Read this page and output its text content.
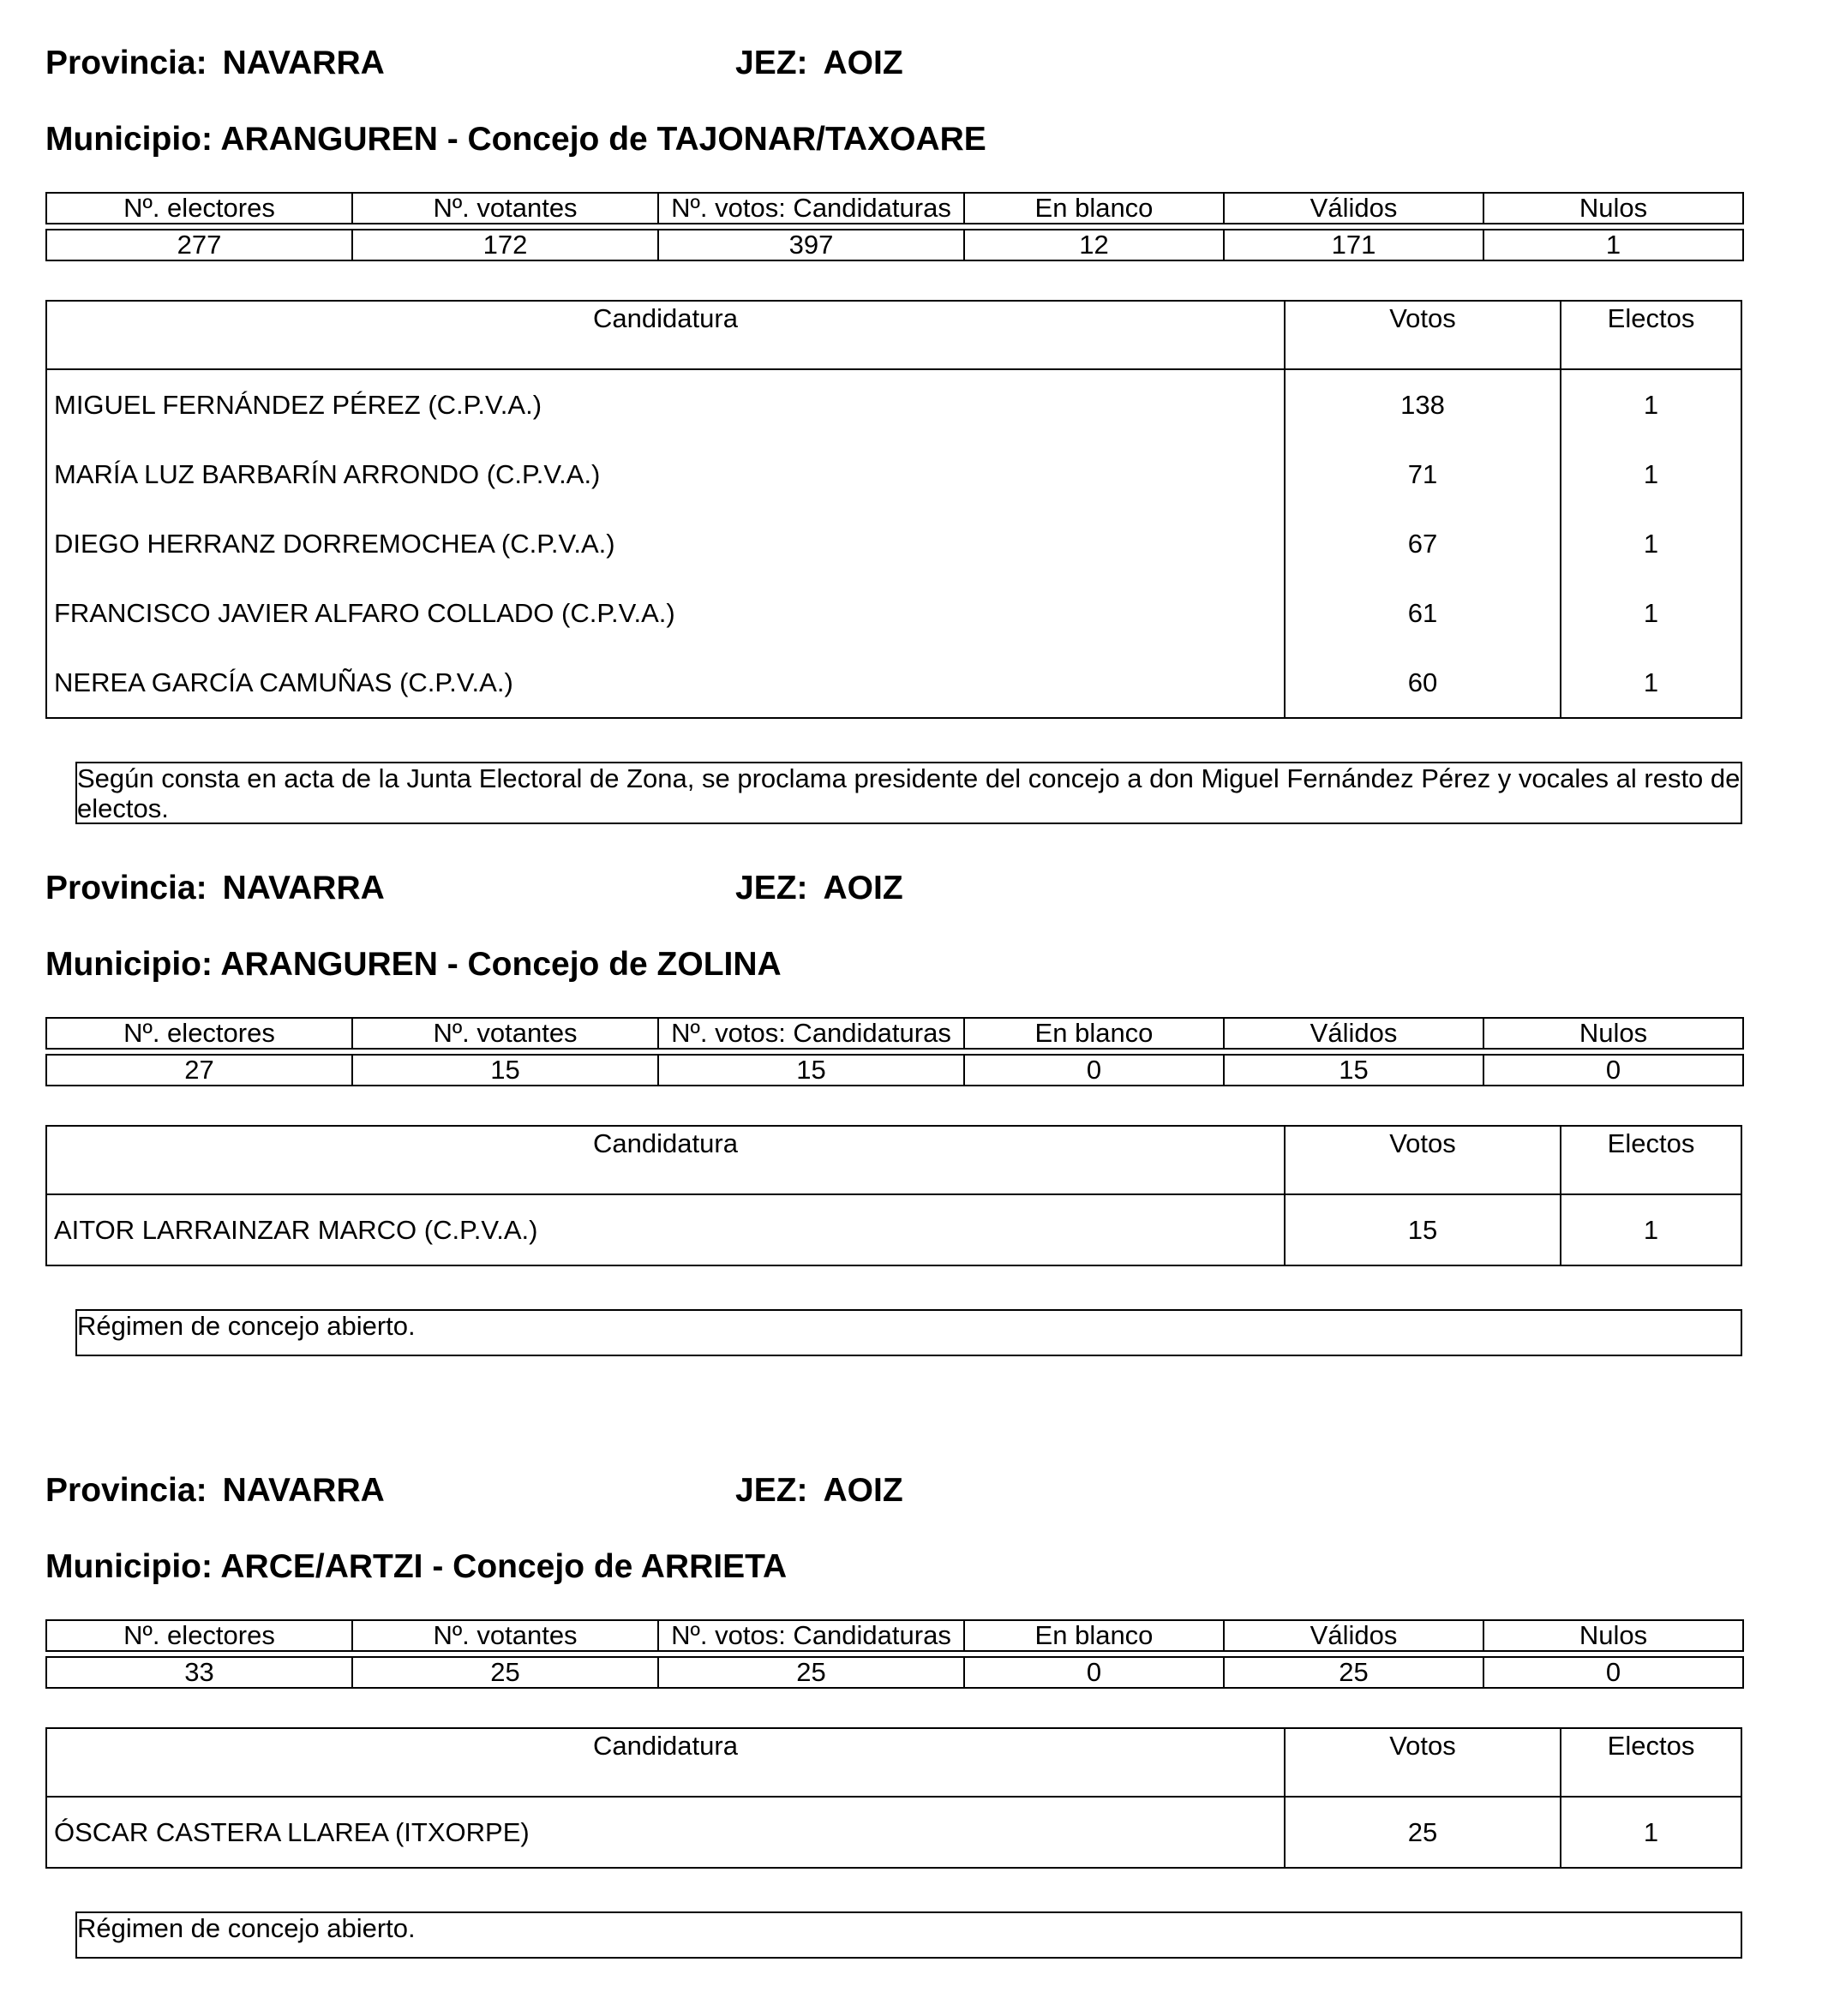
Provincia: NAVARRA	JEZ: AOIZ
Municipio: ARANGUREN - Concejo de TAJONAR/TAXOARE
Nº. electores	Nº. votantes	Nº. votos: Candidaturas	En blanco	Válidos	Nulos

277	172	397	12	171	1
Candidatura	Votos	Electos
MIGUEL FERNÁNDEZ PÉREZ (C.P.V.A.)	138	1
MARÍA LUZ BARBARÍN ARRONDO (C.P.V.A.)	71	1
DIEGO HERRANZ DORREMOCHEA (C.P.V.A.)	67	1
FRANCISCO JAVIER ALFARO COLLADO (C.P.V.A.)	61	1
NEREA GARCÍA CAMUÑAS (C.P.V.A.)	60	1
Según consta en acta de la Junta Electoral de Zona, se proclama presidente del concejo a don Miguel Fernández Pérez y vocales al resto de electos.
Provincia: NAVARRA	JEZ: AOIZ
Municipio: ARANGUREN - Concejo de ZOLINA
Nº. electores	Nº. votantes	Nº. votos: Candidaturas	En blanco	Válidos	Nulos

27	15	15	0	15	0
Candidatura	Votos	Electos
AITOR LARRAINZAR MARCO (C.P.V.A.)	15	1
Régimen de concejo abierto.
Provincia: NAVARRA	JEZ: AOIZ
Municipio: ARCE/ARTZI - Concejo de ARRIETA
Nº. electores	Nº. votantes	Nº. votos: Candidaturas	En blanco	Válidos	Nulos

33	25	25	0	25	0
Candidatura	Votos	Electos
ÓSCAR CASTERA LLAREA (ITXORPE)	25	1
Régimen de concejo abierto.
